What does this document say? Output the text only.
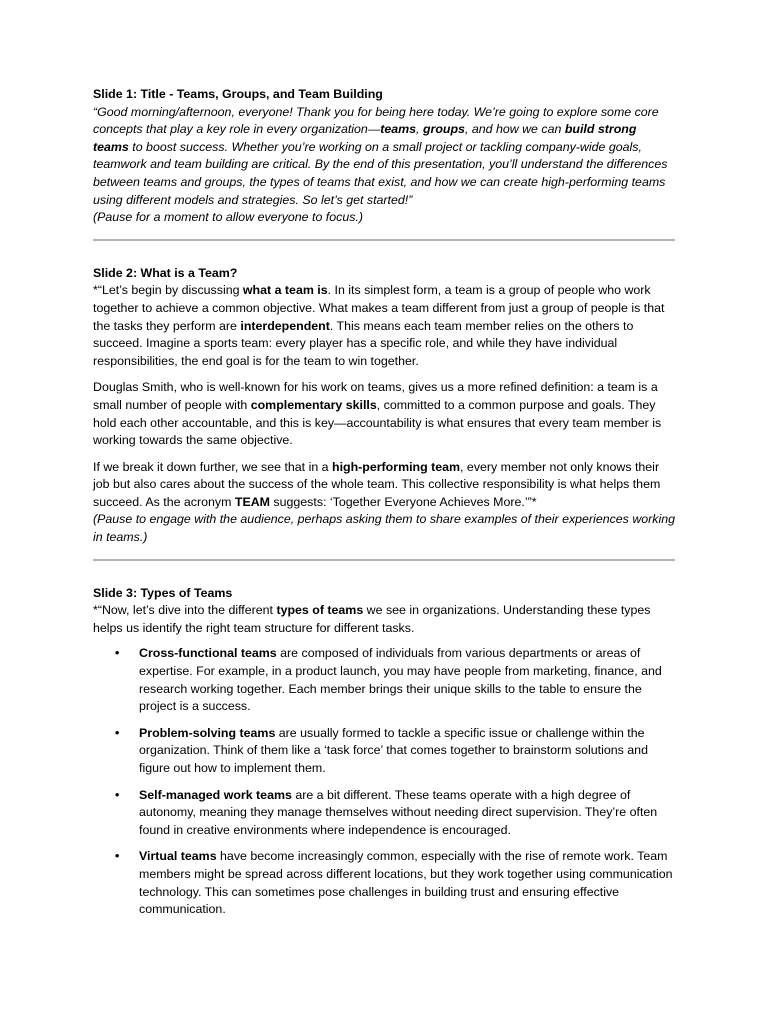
Slide 1: Title - Teams, Groups, and Team Building

“Good morning/afternoon, everyone! Thank you for being here today. We’re going to explore some core concepts that play a key role in every organization—teams, groups, and how we can build strong teams to boost success. Whether you’re working on a small project or tackling company-wide goals, teamwork and team building are critical. By the end of this presentation, you’ll understand the differences between teams and groups, the types of teams that exist, and how we can create high-performing teams using different models and strategies. So let’s get started!”

(Pause for a moment to allow everyone to focus.)

Slide 2: What is a Team?

*“Let’s begin by discussing what a team is. In its simplest form, a team is a group of people who work together to achieve a common objective. What makes a team different from just a group of people is that the tasks they perform are interdependent. This means each team member relies on the others to succeed. Imagine a sports team: every player has a specific role, and while they have individual responsibilities, the end goal is for the team to win together.

Douglas Smith, who is well-known for his work on teams, gives us a more refined definition: a team is a small number of people with complementary skills, committed to a common purpose and goals. They hold each other accountable, and this is key—accountability is what ensures that every team member is working towards the same objective.

If we break it down further, we see that in a high-performing team, every member not only knows their job but also cares about the success of the whole team. This collective responsibility is what helps them succeed. As the acronym TEAM suggests: ‘Together Everyone Achieves More.’”*

(Pause to engage with the audience, perhaps asking them to share examples of their experiences working in teams.)

Slide 3: Types of Teams

*“Now, let’s dive into the different types of teams we see in organizations. Understanding these types helps us identify the right team structure for different tasks.

• Cross-functional teams are composed of individuals from various departments or areas of expertise. For example, in a product launch, you may have people from marketing, finance, and research working together. Each member brings their unique skills to the table to ensure the project is a success.
• Problem-solving teams are usually formed to tackle a specific issue or challenge within the organization. Think of them like a ‘task force’ that comes together to brainstorm solutions and figure out how to implement them.
• Self-managed work teams are a bit different. These teams operate with a high degree of autonomy, meaning they manage themselves without needing direct supervision. They’re often found in creative environments where independence is encouraged.
• Virtual teams have become increasingly common, especially with the rise of remote work. Team members might be spread across different locations, but they work together using communication technology. This can sometimes pose challenges in building trust and ensuring effective communication.
